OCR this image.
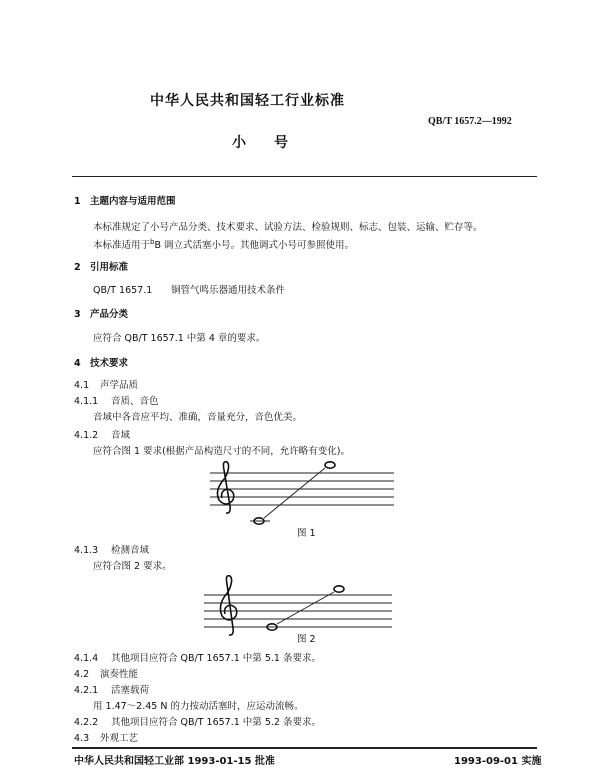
中华人民共和国轻工行业标准
QB/T 1657.2—1992
小　　号
1 主题内容与适用范围
本标准规定了小号产品分类、技术要求、试验方法、检验规则、标志、包装、运输、贮存等。
本标准适用于$^b$B 调立式活塞小号。其他调式小号可参照使用。
2 引用标准
QB/T 1657.1 铜管气鸣乐器通用技术条件
3 产品分类
应符合 QB/T 1657.1 中第 4 章的要求。
4 技术要求
4.1 声学品质
4.1.1 音质、音色
音域中各音应平均、准确，音量充分，音色优美。
4.1.2 音域
应符合图 1 要求(根据产品构造尺寸的不同，允许略有变化)。
图 1
4.1.3 检测音域
应符合图 2 要求。
图 2
4.1.4 其他项目应符合 QB/T 1657.1 中第 5.1 条要求。
4.2 演奏性能
4.2.1 活塞载荷
用 1.47～2.45 N 的力按动活塞时，应运动流畅。
4.2.2 其他项目应符合 QB/T 1657.1 中第 5.2 条要求。
4.3 外观工艺
中华人民共和国轻工业部 1993-01-15 批准	1993-09-01 实施
